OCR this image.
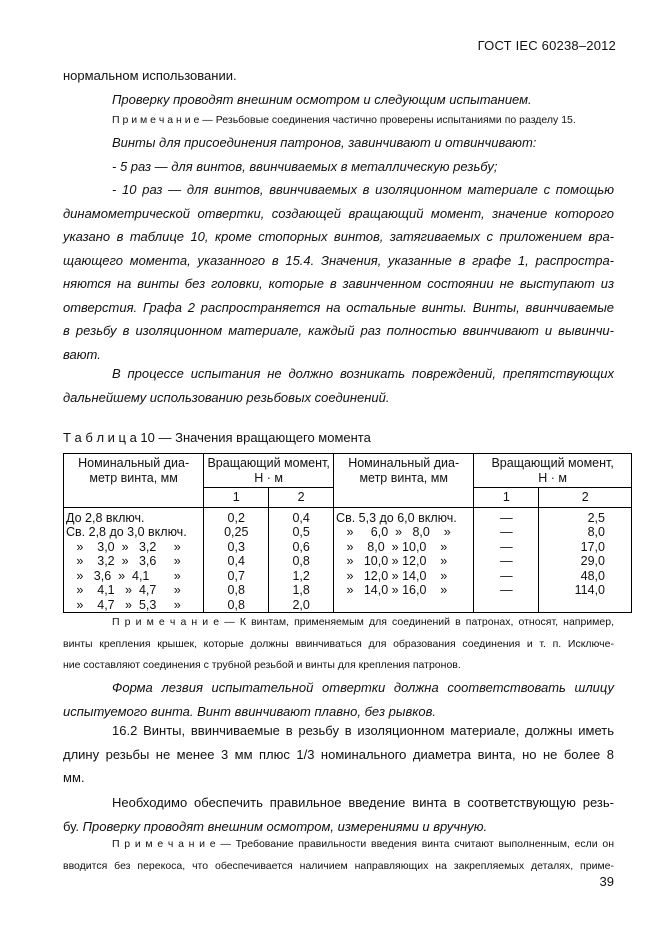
ГОСТ IEC 60238–2012
нормальном использовании.
Проверку проводят внешним осмотром и следующим испытанием.
П р и м е ч а н и е — Резьбовые соединения частично проверены испытаниями по разделу 15.
Винты для присоединения патронов, завинчивают и отвинчивают:
- 5 раз — для винтов, ввинчиваемых в металлическую резьбу;
- 10 раз — для винтов, ввинчиваемых в изоляционном материале с помощью
динамометрической отвертки, создающей вращающий момент, значение которого
указано в таблице 10, кроме стопорных винтов, затягиваемых с приложением вра-
щающего момента, указанного в 15.4. Значения, указанные в графе 1, распростра-
няются на винты без головки, которые в завинченном состоянии не выступают из
отверстия. Графа 2 распространяется на остальные винты. Винты, ввинчиваемые
в резьбу в изоляционном материале, каждый раз полностью ввинчивают и вывинчи-
вают.
В процессе испытания не должно возникать повреждений, препятствующих
дальнейшему использованию резьбовых соединений.
Т а б л и ц а 10 — Значения вращающего момента
Номинальный диа-
метр винта, мм	Вращающий момент,
Н · м		Номинальный диа-
метр винта, мм	Вращающий момент,
Н · м	
	1	2		1	2
До 2,8 включ.	0,2	0,4	Св. 5,3 до 6,0 включ.	—	2,5
Св. 2,8 до 3,0 включ.	0,25	0,5	»     6,0  »   8,0    »	—	8,0
»    3,0  »   3,2     »	0,3	0,6	»    8,0  » 10,0    »	—	17,0
»    3,2  »   3,6     »	0,4	0,8	»   10,0 » 12,0    »	—	29,0
»   3,6  »  4,1       »	0,7	1,2	»   12,0 » 14,0    »	—	48,0
»    4,1   »  4,7     »	0,8	1,8	»   14,0 » 16,0    »	—	114,0
»    4,7   »  5,3     »	0,8	2,0			
П р и м е ч а н и е — К винтам, применяемым для соединений в патронах, относят, например,
винты крепления крышек, которые должны ввинчиваться для образования соединения и т. п. Исключе-
ние составляют соединения с трубной резьбой и винты для крепления патронов.
Форма лезвия испытательной отвертки должна соответствовать шлицу
испытуемого винта. Винт ввинчивают плавно, без рывков.
16.2 Винты, ввинчиваемые в резьбу в изоляционном материале, должны иметь
длину резьбы не менее 3 мм плюс 1/3 номинального диаметра винта, но не более 8
мм.
Необходимо обеспечить правильное введение винта в соответствующую резь-
бу. Проверку проводят внешним осмотром, измерениями и вручную.
П р и м е ч а н и е — Требование правильности введения винта считают выполненным, если он
вводится без перекоса, что обеспечивается наличием направляющих на закрепляемых деталях, приме-
39
